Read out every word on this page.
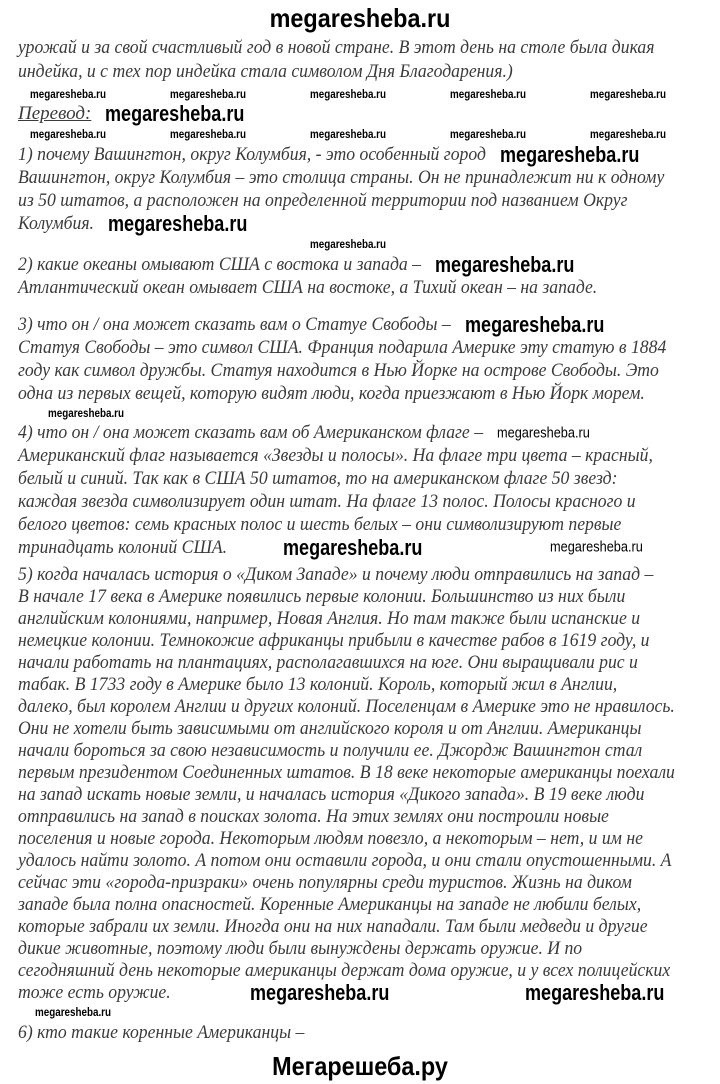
megaresheba.ru
урожай и за свой счастливый год в новой стране. В этот день на столе была дикая
индейка, и с тех пор индейка стала символом Дня Благодарения.)
Перевод:
1) почему Вашингтон, округ Колумбия, - это особенный город
Вашингтон, округ Колумбия – это столица страны. Он не принадлежит ни к одному
из 50 штатов, а расположен на определенной территории под названием Округ
Колумбия.
2) какие океаны омывают США с востока и запада –
Атлантический океан омывает США на востоке, а Тихий океан – на западе.
3) что он / она может сказать вам о Статуе Свободы –
Статуя Свободы – это символ США. Франция подарила Америке эту статую в 1884
году как символ дружбы. Статуя находится в Нью Йорке на острове Свободы. Это
одна из первых вещей, которую видят люди, когда приезжают в Нью Йорк морем.
4) что он / она может сказать вам об Американском флаге –
Американский флаг называется «Звезды и полосы». На флаге три цвета – красный,
белый и синий. Так как в США 50 штатов, то на американском флаге 50 звезд:
каждая звезда символизирует один штат. На флаге 13 полос. Полосы красного и
белого цветов: семь красных полос и шесть белых – они символизируют первые
тринадцать колоний США.
5) когда началась история о «Диком Западе» и почему люди отправились на запад –
В начале 17 века в Америке появились первые колонии. Большинство из них были
английским колониями, например, Новая Англия. Но там также были испанские и
немецкие колонии. Темнокожие африканцы прибыли в качестве рабов в 1619 году, и
начали работать на плантациях, располагавшихся на юге. Они выращивали рис и
табак. В 1733 году в Америке было 13 колоний. Король, который жил в Англии,
далеко, был королем Англии и других колоний. Поселенцам в Америке это не нравилось.
Они не хотели быть зависимыми от английского короля и от Англии. Американцы
начали бороться за свою независимость и получили ее. Джордж Вашингтон стал
первым президентом Соединенных штатов. В 18 веке некоторые американцы поехали
на запад искать новые земли, и началась история «Дикого запада». В 19 веке люди
отправились на запад в поисках золота. На этих землях они построили новые
поселения и новые города. Некоторым людям повезло, а некоторым – нет, и им не
удалось найти золото. А потом они оставили города, и они стали опустошенными. А
сейчас эти «города-призраки» очень популярны среди туристов. Жизнь на диком
западе была полна опасностей. Коренные Американцы на западе не любили белых,
которые забрали их земли. Иногда они на них нападали. Там были медведи и другие
дикие животные, поэтому люди были вынуждены держать оружие. И по
сегодняшний день некоторые американцы держат дома оружие, и у всех полицейских
тоже есть оружие.
6) кто такие коренные Американцы –
megaresheba.ru
megaresheba.ru
megaresheba.ru
megaresheba.ru
megaresheba.ru
megaresheba.ru
megaresheba.ru
megaresheba.ru
megaresheba.ru	megaresheba.ru
megaresheba.ru	megaresheba.ru	megaresheba.ru	megaresheba.ru	megaresheba.ru
megaresheba.ru	megaresheba.ru	megaresheba.ru	megaresheba.ru	megaresheba.ru
megaresheba.ru	megaresheba.ru
megaresheba.ru
Мегарешеба.ру
